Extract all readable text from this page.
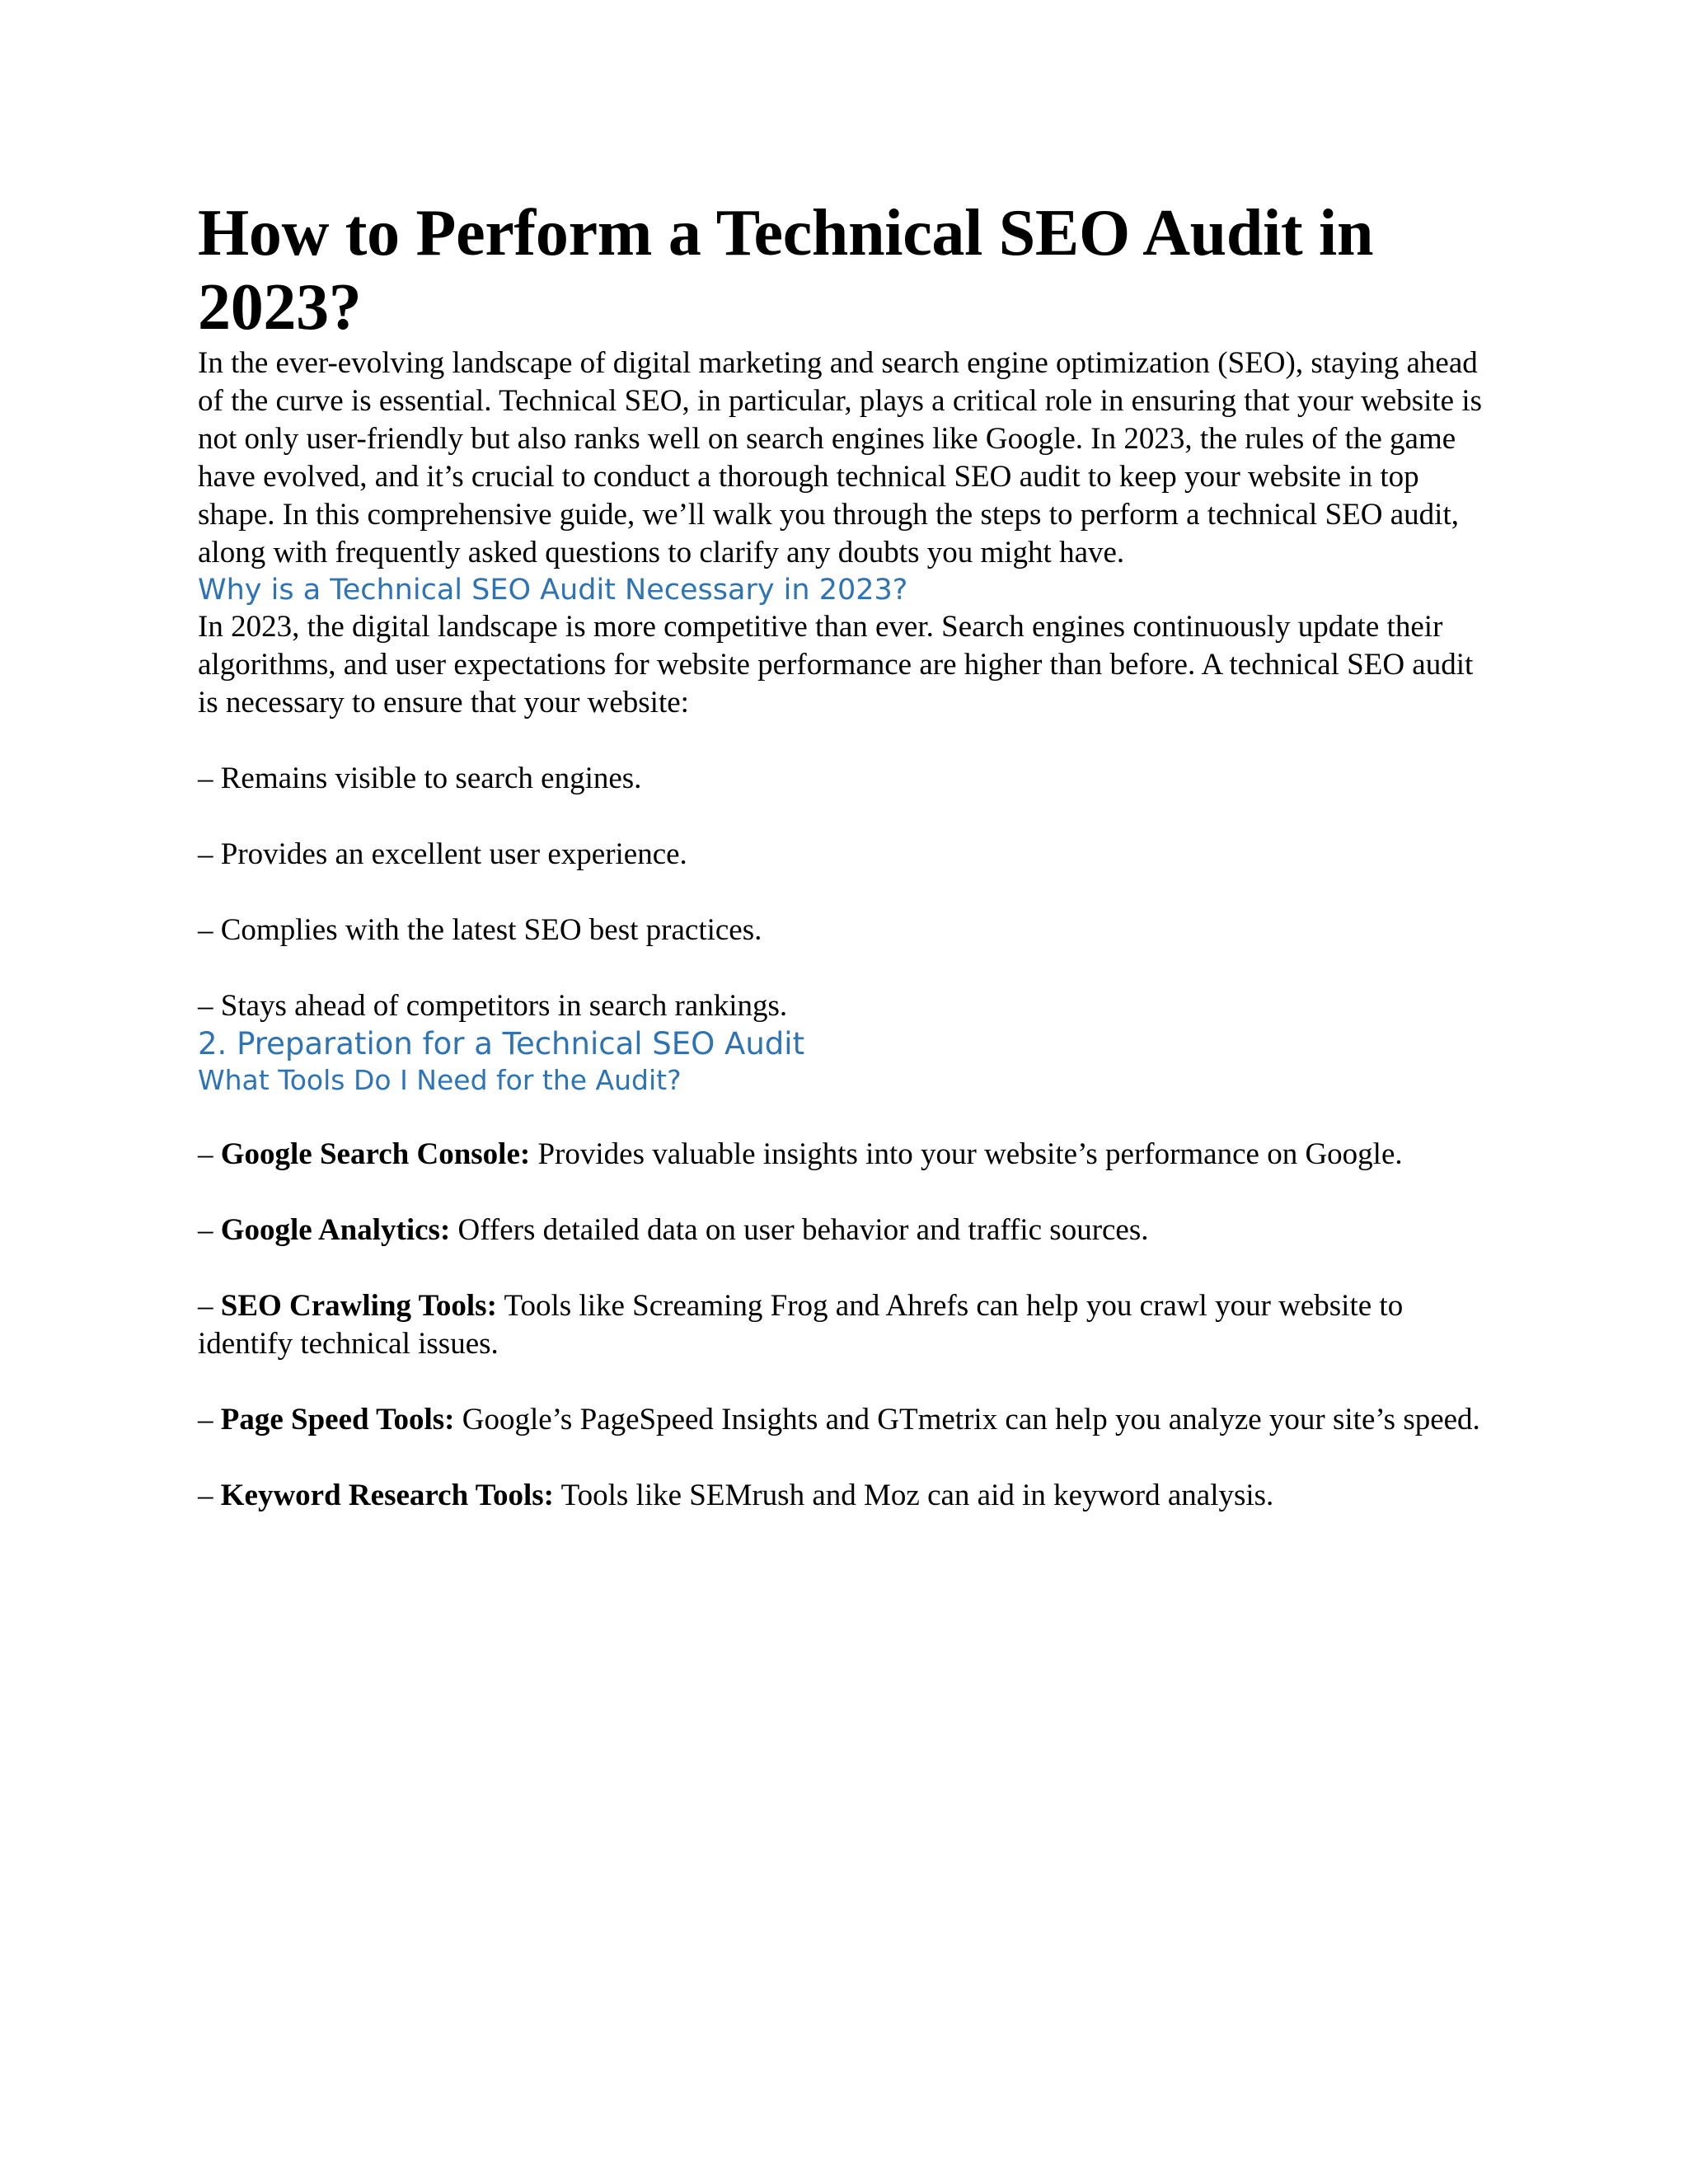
How to Perform a Technical SEO Audit in 2023?

In the ever-evolving landscape of digital marketing and search engine optimization (SEO), staying ahead of the curve is essential. Technical SEO, in particular, plays a critical role in ensuring that your website is not only user-friendly but also ranks well on search engines like Google. In 2023, the rules of the game have evolved, and it’s crucial to conduct a thorough technical SEO audit to keep your website in top shape. In this comprehensive guide, we’ll walk you through the steps to perform a technical SEO audit, along with frequently asked questions to clarify any doubts you might have.

Why is a Technical SEO Audit Necessary in 2023?

In 2023, the digital landscape is more competitive than ever. Search engines continuously update their algorithms, and user expectations for website performance are higher than before. A technical SEO audit is necessary to ensure that your website:

– Remains visible to search engines.

– Provides an excellent user experience.

– Complies with the latest SEO best practices.

– Stays ahead of competitors in search rankings.

2. Preparation for a Technical SEO Audit
What Tools Do I Need for the Audit?

– Google Search Console: Provides valuable insights into your website’s performance on Google.

– Google Analytics: Offers detailed data on user behavior and traffic sources.

– SEO Crawling Tools: Tools like Screaming Frog and Ahrefs can help you crawl your website to identify technical issues.

– Page Speed Tools: Google’s PageSpeed Insights and GTmetrix can help you analyze your site’s speed.

– Keyword Research Tools: Tools like SEMrush and Moz can aid in keyword analysis.
